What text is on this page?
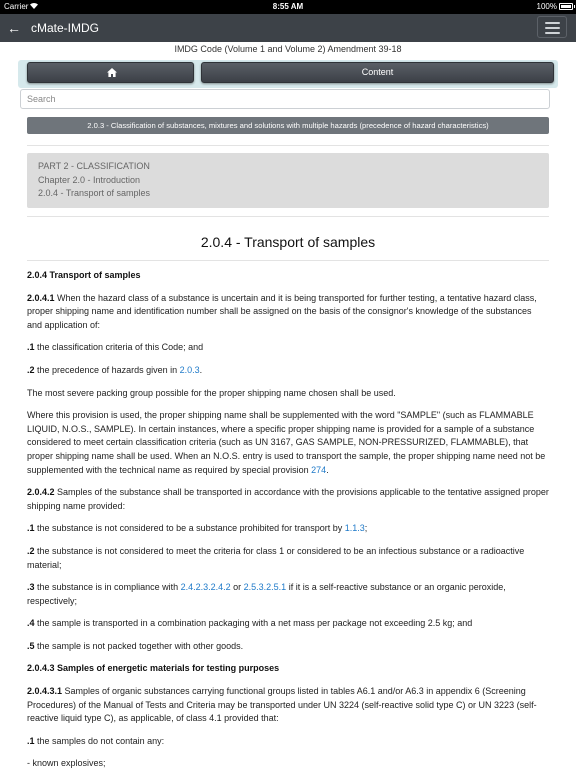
Carrier	8:55 AM	100%
← cMate-IMDG
IMDG Code (Volume 1 and Volume 2) Amendment 39-18
Content
Search
2.0.3 - Classification of substances, mixtures and solutions with multiple hazards (precedence of hazard characteristics)
PART 2 - CLASSIFICATION
Chapter 2.0 - Introduction
2.0.4 - Transport of samples
2.0.4 - Transport of samples

2.0.4 Transport of samples

2.0.4.1 When the hazard class of a substance is uncertain and it is being transported for further testing, a tentative hazard class, proper shipping name and identification number shall be assigned on the basis of the consignor's knowledge of the substances and application of:

.1 the classification criteria of this Code; and

.2 the precedence of hazards given in 2.0.3.

The most severe packing group possible for the proper shipping name chosen shall be used.

Where this provision is used, the proper shipping name shall be supplemented with the word "SAMPLE" (such as FLAMMABLE LIQUID, N.O.S., SAMPLE). In certain instances, where a specific proper shipping name is provided for a sample of a substance considered to meet certain classification criteria (such as UN 3167, GAS SAMPLE, NON-PRESSURIZED, FLAMMABLE), that proper shipping name shall be used. When an N.O.S. entry is used to transport the sample, the proper shipping name need not be supplemented with the technical name as required by special provision 274.

2.0.4.2 Samples of the substance shall be transported in accordance with the provisions applicable to the tentative assigned proper shipping name provided:

.1 the substance is not considered to be a substance prohibited for transport by 1.1.3;

.2 the substance is not considered to meet the criteria for class 1 or considered to be an infectious substance or a radioactive material;

.3 the substance is in compliance with 2.4.2.3.2.4.2 or 2.5.3.2.5.1 if it is a self-reactive substance or an organic peroxide, respectively;

.4 the sample is transported in a combination packaging with a net mass per package not exceeding 2.5 kg; and

.5 the sample is not packed together with other goods.

2.0.4.3 Samples of energetic materials for testing purposes

2.0.4.3.1 Samples of organic substances carrying functional groups listed in tables A6.1 and/or A6.3 in appendix 6 (Screening Procedures) of the Manual of Tests and Criteria may be transported under UN 3224 (self-reactive solid type C) or UN 3223 (self-reactive liquid type C), as applicable, of class 4.1 provided that:

.1 the samples do not contain any:

- known explosives;
